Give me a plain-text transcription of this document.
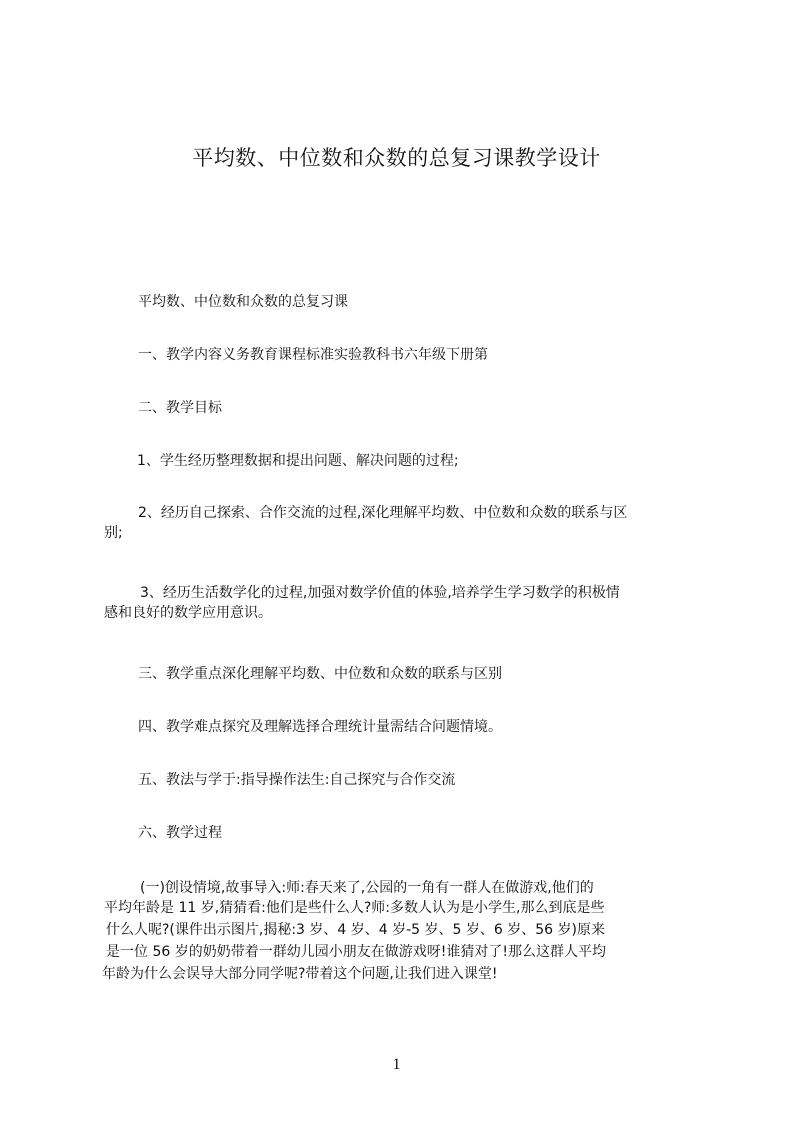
平均数、中位数和众数的总复习课教学设计
平均数、中位数和众数的总复习课
一、教学内容义务教育课程标准实验教科书六年级下册第
二、教学目标
1、学生经历整理数据和提出问题、解决问题的过程;
2、经历自己探索、合作交流的过程,深化理解平均数、中位数和众数的联系与区
别;
3、经历生活数学化的过程,加强对数学价值的体验,培养学生学习数学的积极情
感和良好的数学应用意识。
三、教学重点深化理解平均数、中位数和众数的联系与区别
四、教学难点探究及理解选择合理统计量需结合问题情境。
五、教法与学于:指导操作法生:自己探究与合作交流
六、教学过程
(一)创设情境,故事导入:师:春天来了,公园的一角有一群人在做游戏,他们的
平均年龄是 11 岁,猜猜看:他们是些什么人?师:多数人认为是小学生,那么到底是些
什么人呢?(课件出示图片,揭秘:3 岁、4 岁、4 岁-5 岁、5 岁、6 岁、56 岁)原来
是一位 56 岁的奶奶带着一群幼儿园小朋友在做游戏呀!谁猜对了!那么这群人平均
年龄为什么会误导大部分同学呢?带着这个问题,让我们进入课堂!
1
